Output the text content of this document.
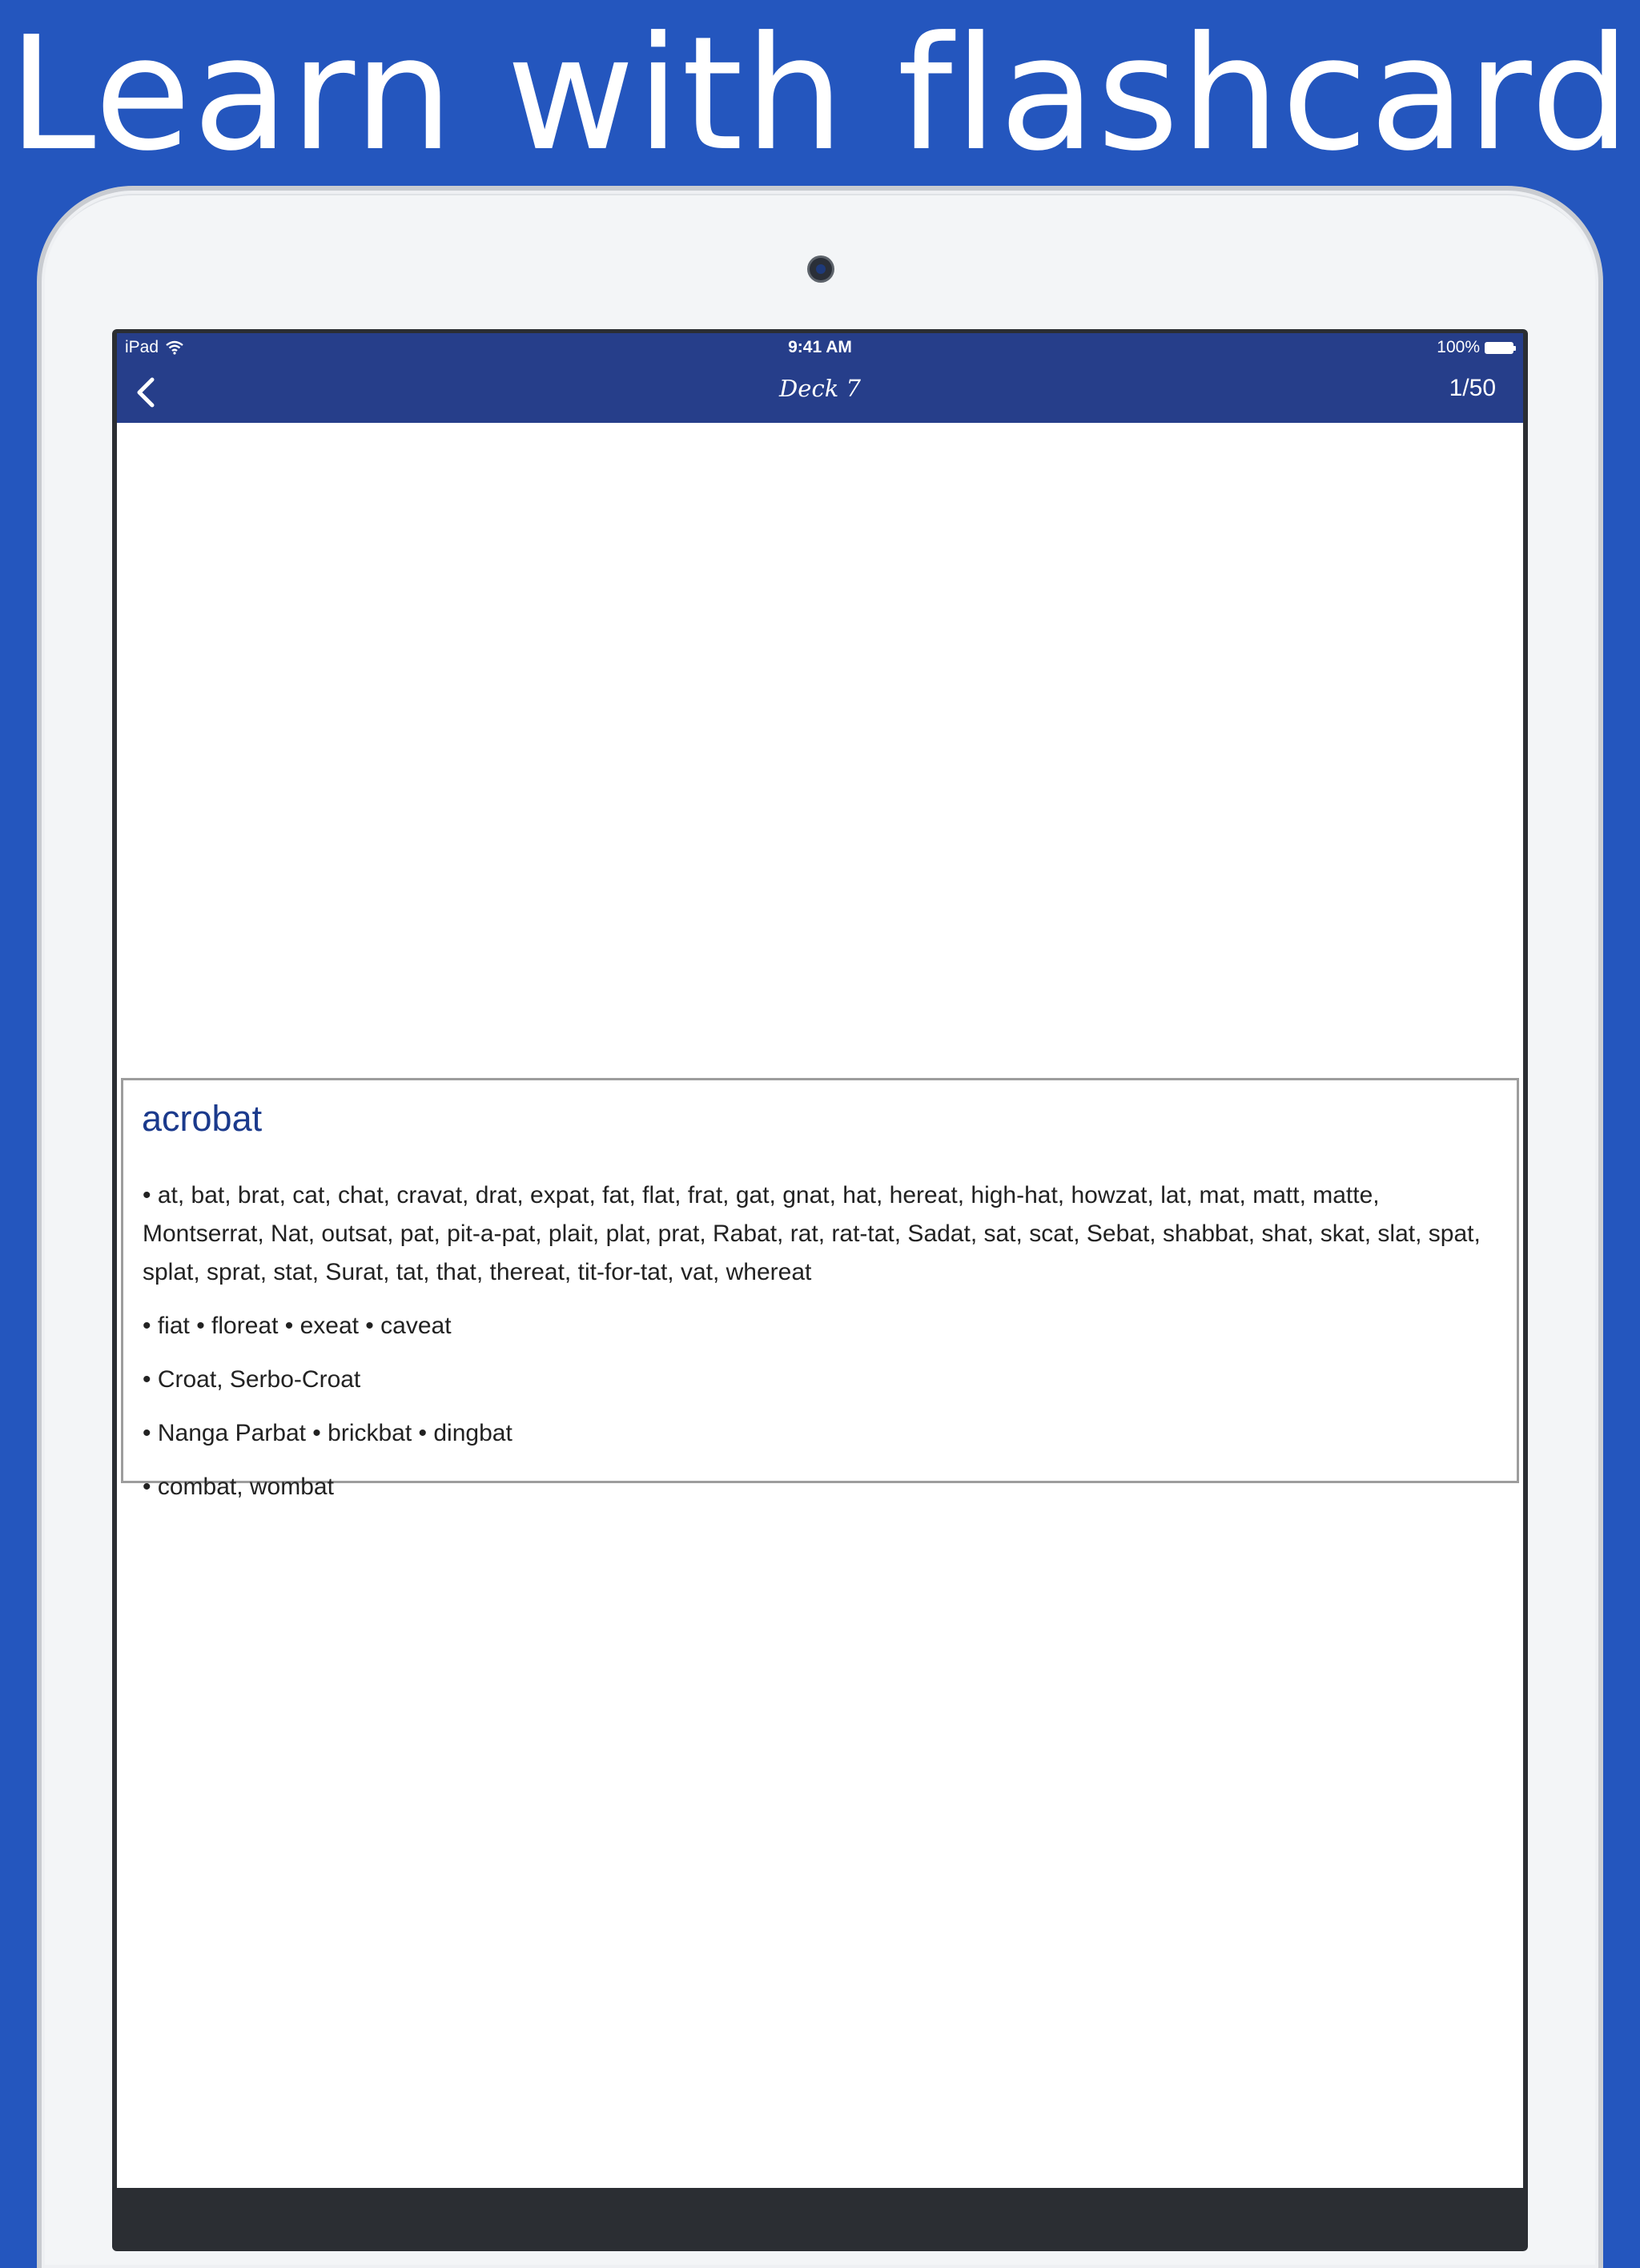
Learn with flashcard
iPad	9:41 AM	100%
Deck 7	1/50
acrobat

• at, bat, brat, cat, chat, cravat, drat, expat, fat, flat, frat, gat, gnat, hat, hereat, high-hat, howzat, lat, mat, matt, matte, Montserrat, Nat, outsat, pat, pit-a-pat, plait, plat, prat, Rabat, rat, rat-tat, Sadat, sat, scat, Sebat, shabbat, shat, skat, slat, spat, splat, sprat, stat, Surat, tat, that, thereat, tit-for-tat, vat, whereat

• fiat • floreat • exeat • caveat

• Croat, Serbo-Croat

• Nanga Parbat • brickbat • dingbat

• combat, wombat
